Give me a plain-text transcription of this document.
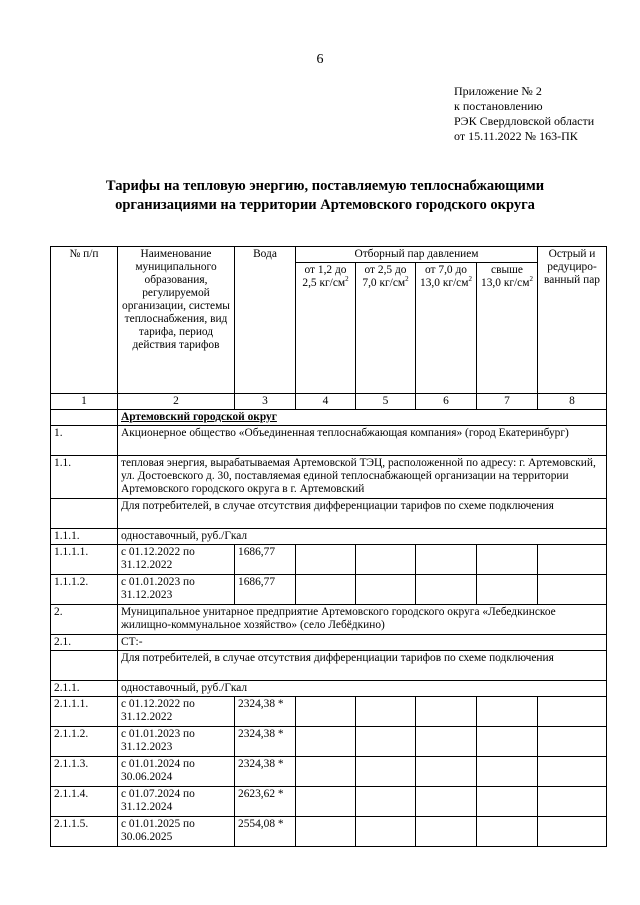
6
Приложение № 2
к постановлению
РЭК Свердловской области
от 15.11.2022 № 163-ПК
Тарифы на тепловую энергию, поставляемую теплоснабжающими
организациями на территории Артемовского городского округа
№ п/п	Наименование муниципального образования, регулируемой организации, системы теплоснабжения, вид тарифа, период действия тарифов	Вода	Отборный пар давлением				Острый и редуциро-ванный пар
			от 1,2 до 2,5 $кг/см^2$	от 2,5 до 7,0 $кг/см^2$	от 7,0 до 13,0 $кг/см^2$	свыше 13,0 $кг/см^2$
1	2	3	4	5	6	7	8
	Артемовский городской округ						
1.	Акционерное общество «Объединенная теплоснабжающая компания» (город Екатеринбург)						
1.1.	тепловая энергия, вырабатываемая Артемовской ТЭЦ, расположенной по адресу: г. Артемовский, ул. Достоевского д. 30, поставляемая единой теплоснабжающей организации на территории Артемовского городского округа в г. Артемовский						
	Для потребителей, в случае отсутствия дифференциации тарифов по схеме подключения						
1.1.1.	одноставочный, руб./Гкал						
1.1.1.1.	с 01.12.2022 по 31.12.2022	1686,77					
1.1.1.2.	с 01.01.2023 по 31.12.2023	1686,77					
2.	Муниципальное унитарное предприятие Артемовского городского округа «Лебедкинское жилищно-коммунальное хозяйство» (село Лебёдкино)						
2.1.	СТ:-						
	Для потребителей, в случае отсутствия дифференциации тарифов по схеме подключения						
2.1.1.	одноставочный, руб./Гкал						
2.1.1.1.	с 01.12.2022 по 31.12.2022	2324,38 *					
2.1.1.2.	с 01.01.2023 по 31.12.2023	2324,38 *					
2.1.1.3.	с 01.01.2024 по 30.06.2024	2324,38 *					
2.1.1.4.	с 01.07.2024 по 31.12.2024	2623,62 *					
2.1.1.5.	с 01.01.2025 по 30.06.2025	2554,08 *					
